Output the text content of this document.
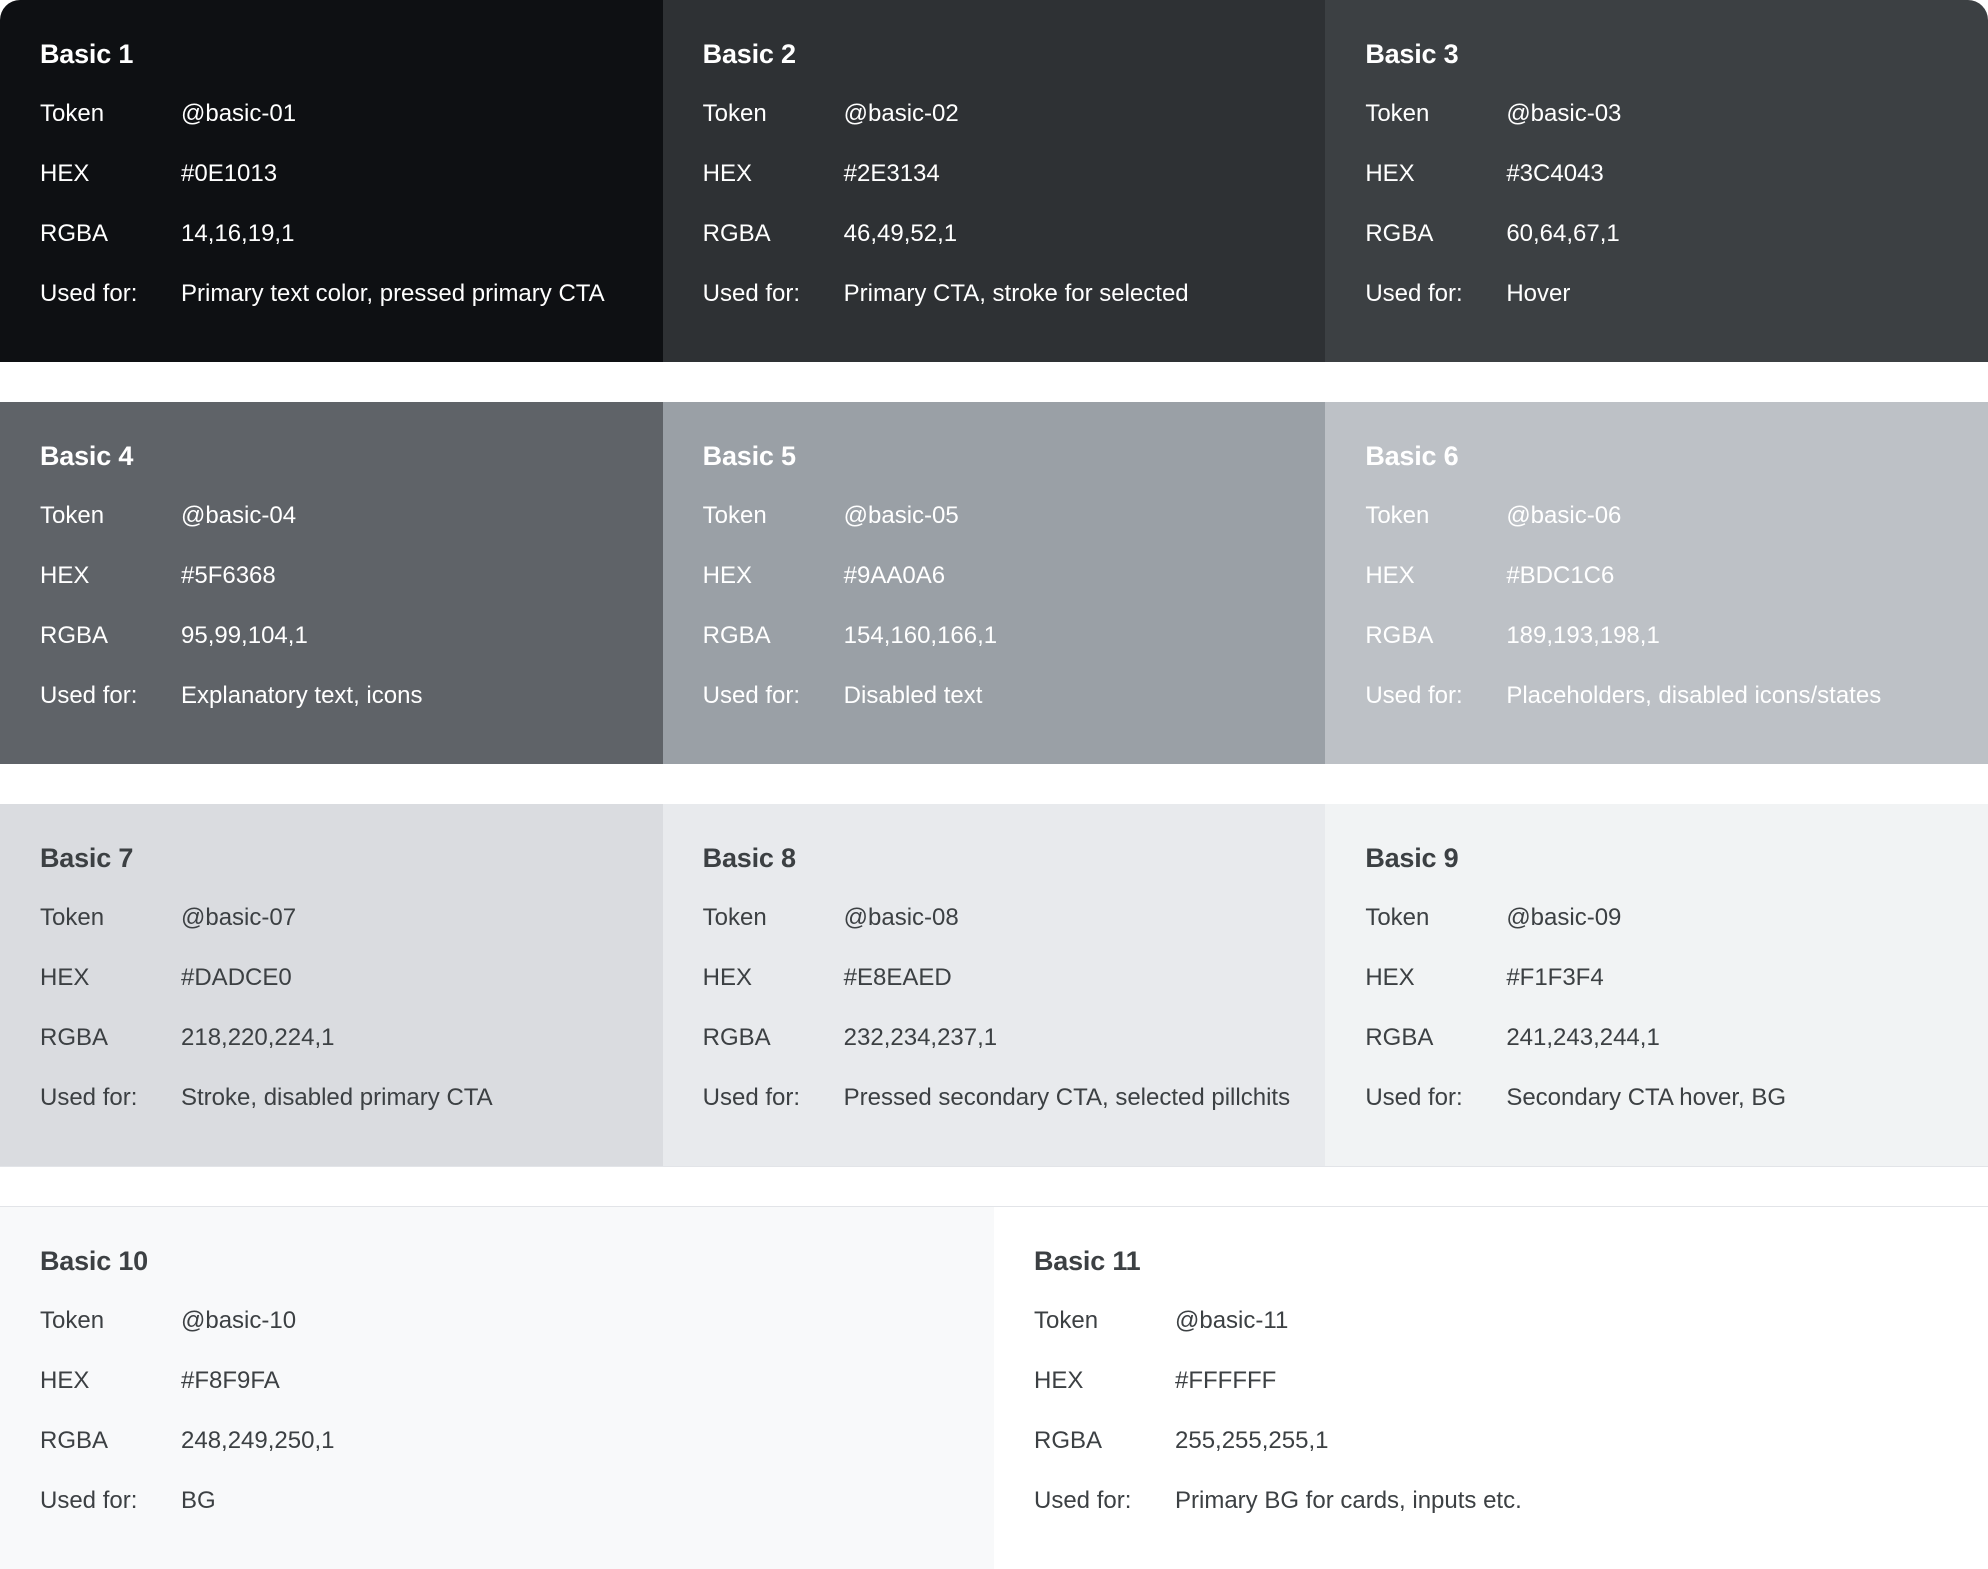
Basic 1
Token	@basic-01
HEX	#0E1013
RGBA	14,16,19,1
Used for:	Primary text color, pressed primary CTA
Basic 2
Token	@basic-02
HEX	#2E3134
RGBA	46,49,52,1
Used for:	Primary CTA, stroke for selected
Basic 3
Token	@basic-03
HEX	#3C4043
RGBA	60,64,67,1
Used for:	Hover
Basic 4
Token	@basic-04
HEX	#5F6368
RGBA	95,99,104,1
Used for:	Explanatory text, icons
Basic 5
Token	@basic-05
HEX	#9AA0A6
RGBA	154,160,166,1
Used for:	Disabled text
Basic 6
Token	@basic-06
HEX	#BDC1C6
RGBA	189,193,198,1
Used for:	Placeholders, disabled icons/states
Basic 7
Token	@basic-07
HEX	#DADCE0
RGBA	218,220,224,1
Used for:	Stroke, disabled primary CTA
Basic 8
Token	@basic-08
HEX	#E8EAED
RGBA	232,234,237,1
Used for:	Pressed secondary CTA, selected pillchits
Basic 9
Token	@basic-09
HEX	#F1F3F4
RGBA	241,243,244,1
Used for:	Secondary CTA hover, BG
Basic 10
Token	@basic-10
HEX	#F8F9FA
RGBA	248,249,250,1
Used for:	BG
Basic 11
Token	@basic-11
HEX	#FFFFFF
RGBA	255,255,255,1
Used for:	Primary BG for cards, inputs etc.
